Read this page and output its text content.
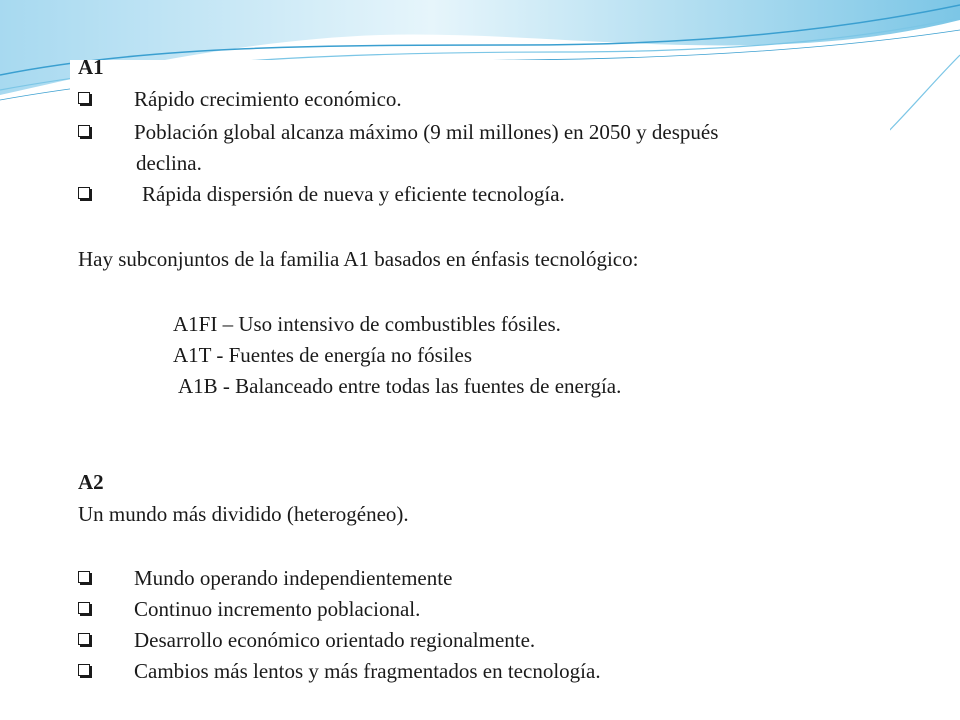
A1
Rápido crecimiento económico.
Población global alcanza máximo (9 mil millones) en 2050 y después
declina.
Rápida dispersión de nueva y eficiente tecnología.
Hay subconjuntos de la familia A1 basados en énfasis tecnológico:
A1FI – Uso intensivo de combustibles fósiles.
A1T - Fuentes de energía no fósiles
A1B - Balanceado entre todas las fuentes de energía.
A2
Un mundo más dividido (heterogéneo).
Mundo operando independientemente
Continuo incremento poblacional.
Desarrollo económico orientado regionalmente.
Cambios más lentos y más fragmentados en tecnología.
